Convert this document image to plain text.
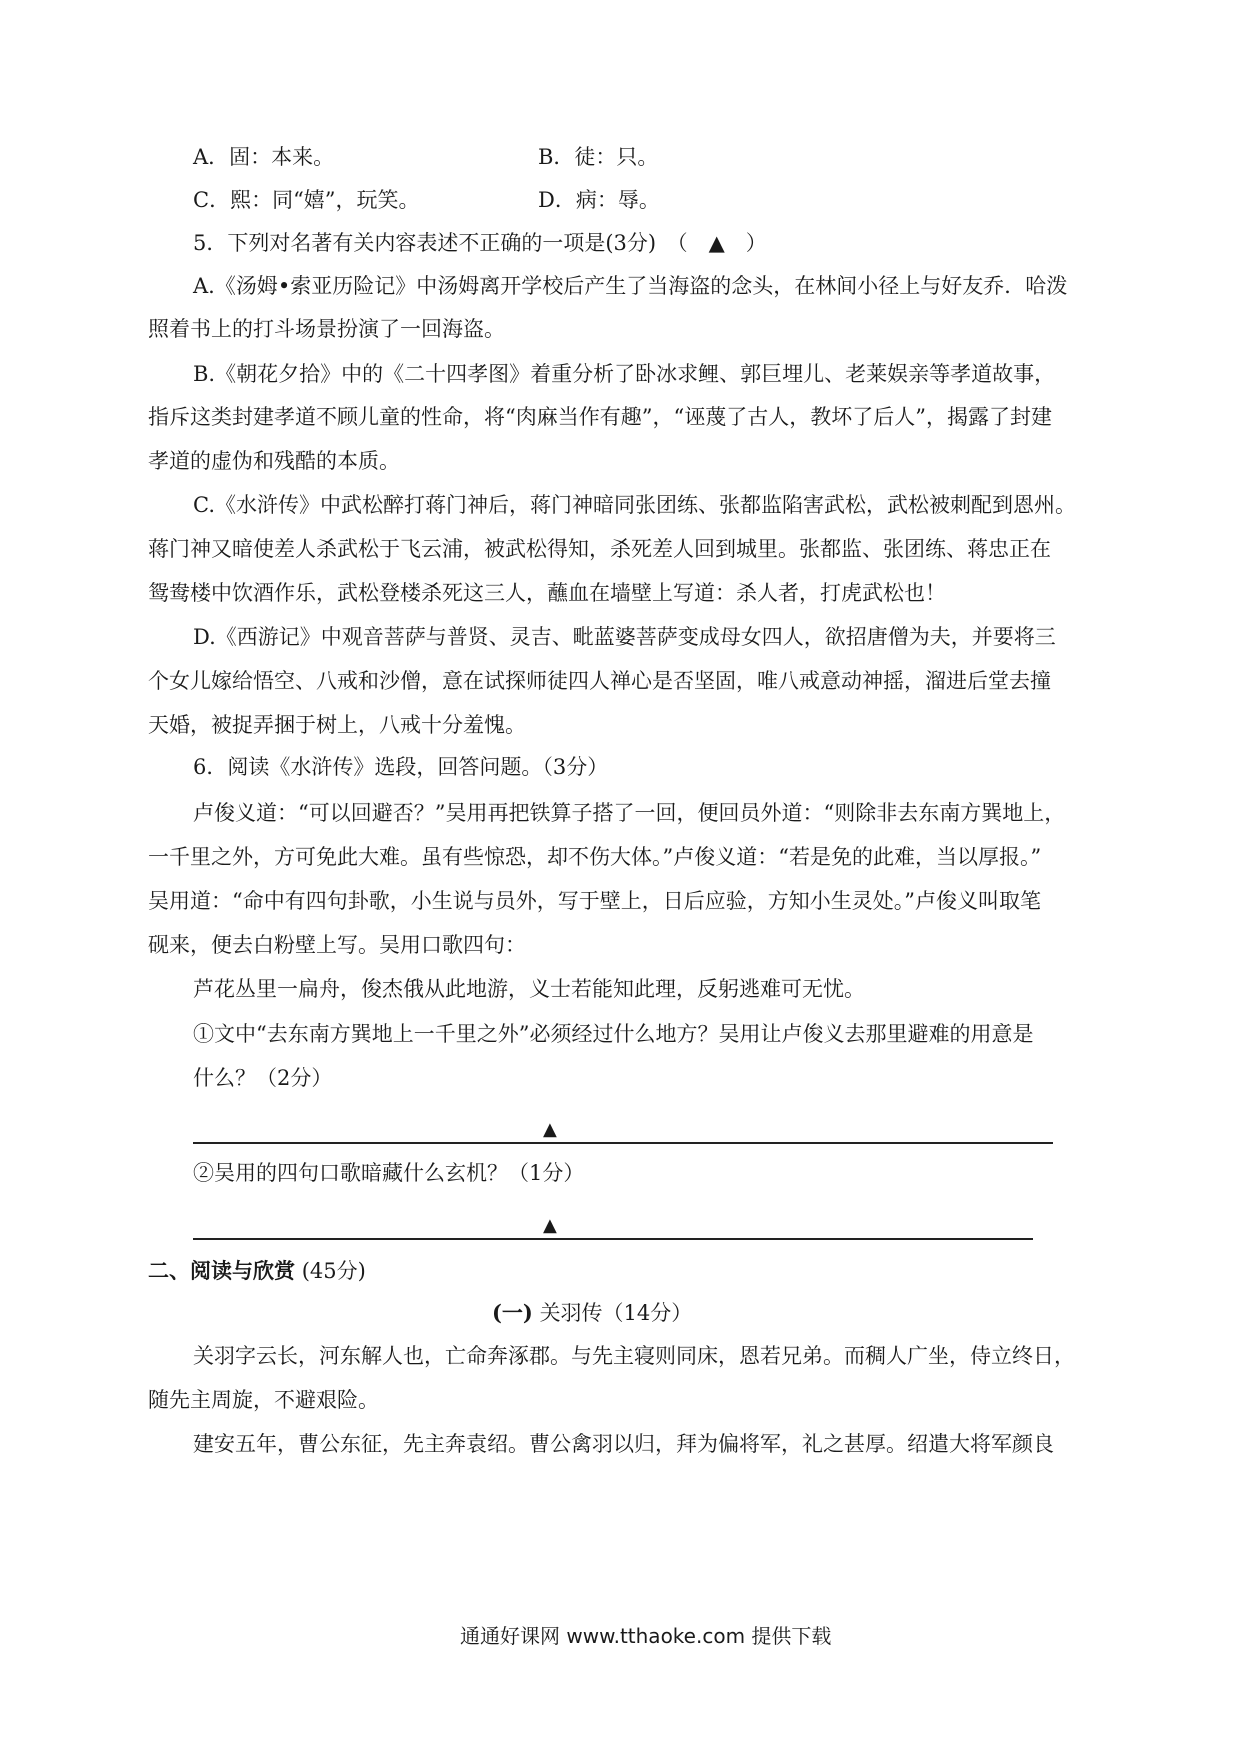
A．固：本来。	B．徒：只。
C．熙：同“嬉”，玩笑。	D．病：辱。
5．下列对名著有关内容表述不正确的一项是(3分)　（　▲　）
A.《汤姆•索亚历险记》中汤姆离开学校后产生了当海盗的念头，在林间小径上与好友乔．哈泼
照着书上的打斗场景扮演了一回海盗。
B.《朝花夕拾》中的《二十四孝图》着重分析了卧冰求鲤、郭巨埋儿、老莱娱亲等孝道故事，
指斥这类封建孝道不顾儿童的性命，将“肉麻当作有趣”，“诬蔑了古人，教坏了后人”，揭露了封建
孝道的虚伪和残酷的本质。
C.《水浒传》中武松醉打蒋门神后，蒋门神暗同张团练、张都监陷害武松，武松被刺配到恩州。
蒋门神又暗使差人杀武松于飞云浦，被武松得知，杀死差人回到城里。张都监、张团练、蒋忠正在
鸳鸯楼中饮酒作乐，武松登楼杀死这三人，蘸血在墙壁上写道：杀人者，打虎武松也！
D.《西游记》中观音菩萨与普贤、灵吉、毗蓝婆菩萨变成母女四人，欲招唐僧为夫，并要将三
个女儿嫁给悟空、八戒和沙僧，意在试探师徒四人禅心是否坚固，唯八戒意动神摇，溜进后堂去撞
天婚，被捉弄捆于树上，八戒十分羞愧。
6．阅读《水浒传》选段，回答问题。（3分）
卢俊义道：“可以回避否？”吴用再把铁算子搭了一回，便回员外道：“则除非去东南方巽地上，
一千里之外，方可免此大难。虽有些惊恐，却不伤大体。”卢俊义道：“若是免的此难，当以厚报。”
吴用道：“命中有四句卦歌，小生说与员外，写于壁上，日后应验，方知小生灵处。”卢俊义叫取笔
砚来，便去白粉壁上写。吴用口歌四句：
芦花丛里一扁舟，俊杰俄从此地游，义士若能知此理，反躬逃难可无忧。
①文中“去东南方巽地上一千里之外”必须经过什么地方？吴用让卢俊义去那里避难的用意是
什么？（2分）
▲
②吴用的四句口歌暗藏什么玄机？（1分）
▲
二、阅读与欣赏 (45分)
(一) 关羽传（14分）
关羽字云长，河东解人也，亡命奔涿郡。与先主寝则同床，恩若兄弟。而稠人广坐，侍立终日，
随先主周旋，不避艰险。
建安五年，曹公东征，先主奔袁绍。曹公禽羽以归，拜为偏将军，礼之甚厚。绍遣大将军颜良
通通好课网 www.tthaoke.com 提供下载
